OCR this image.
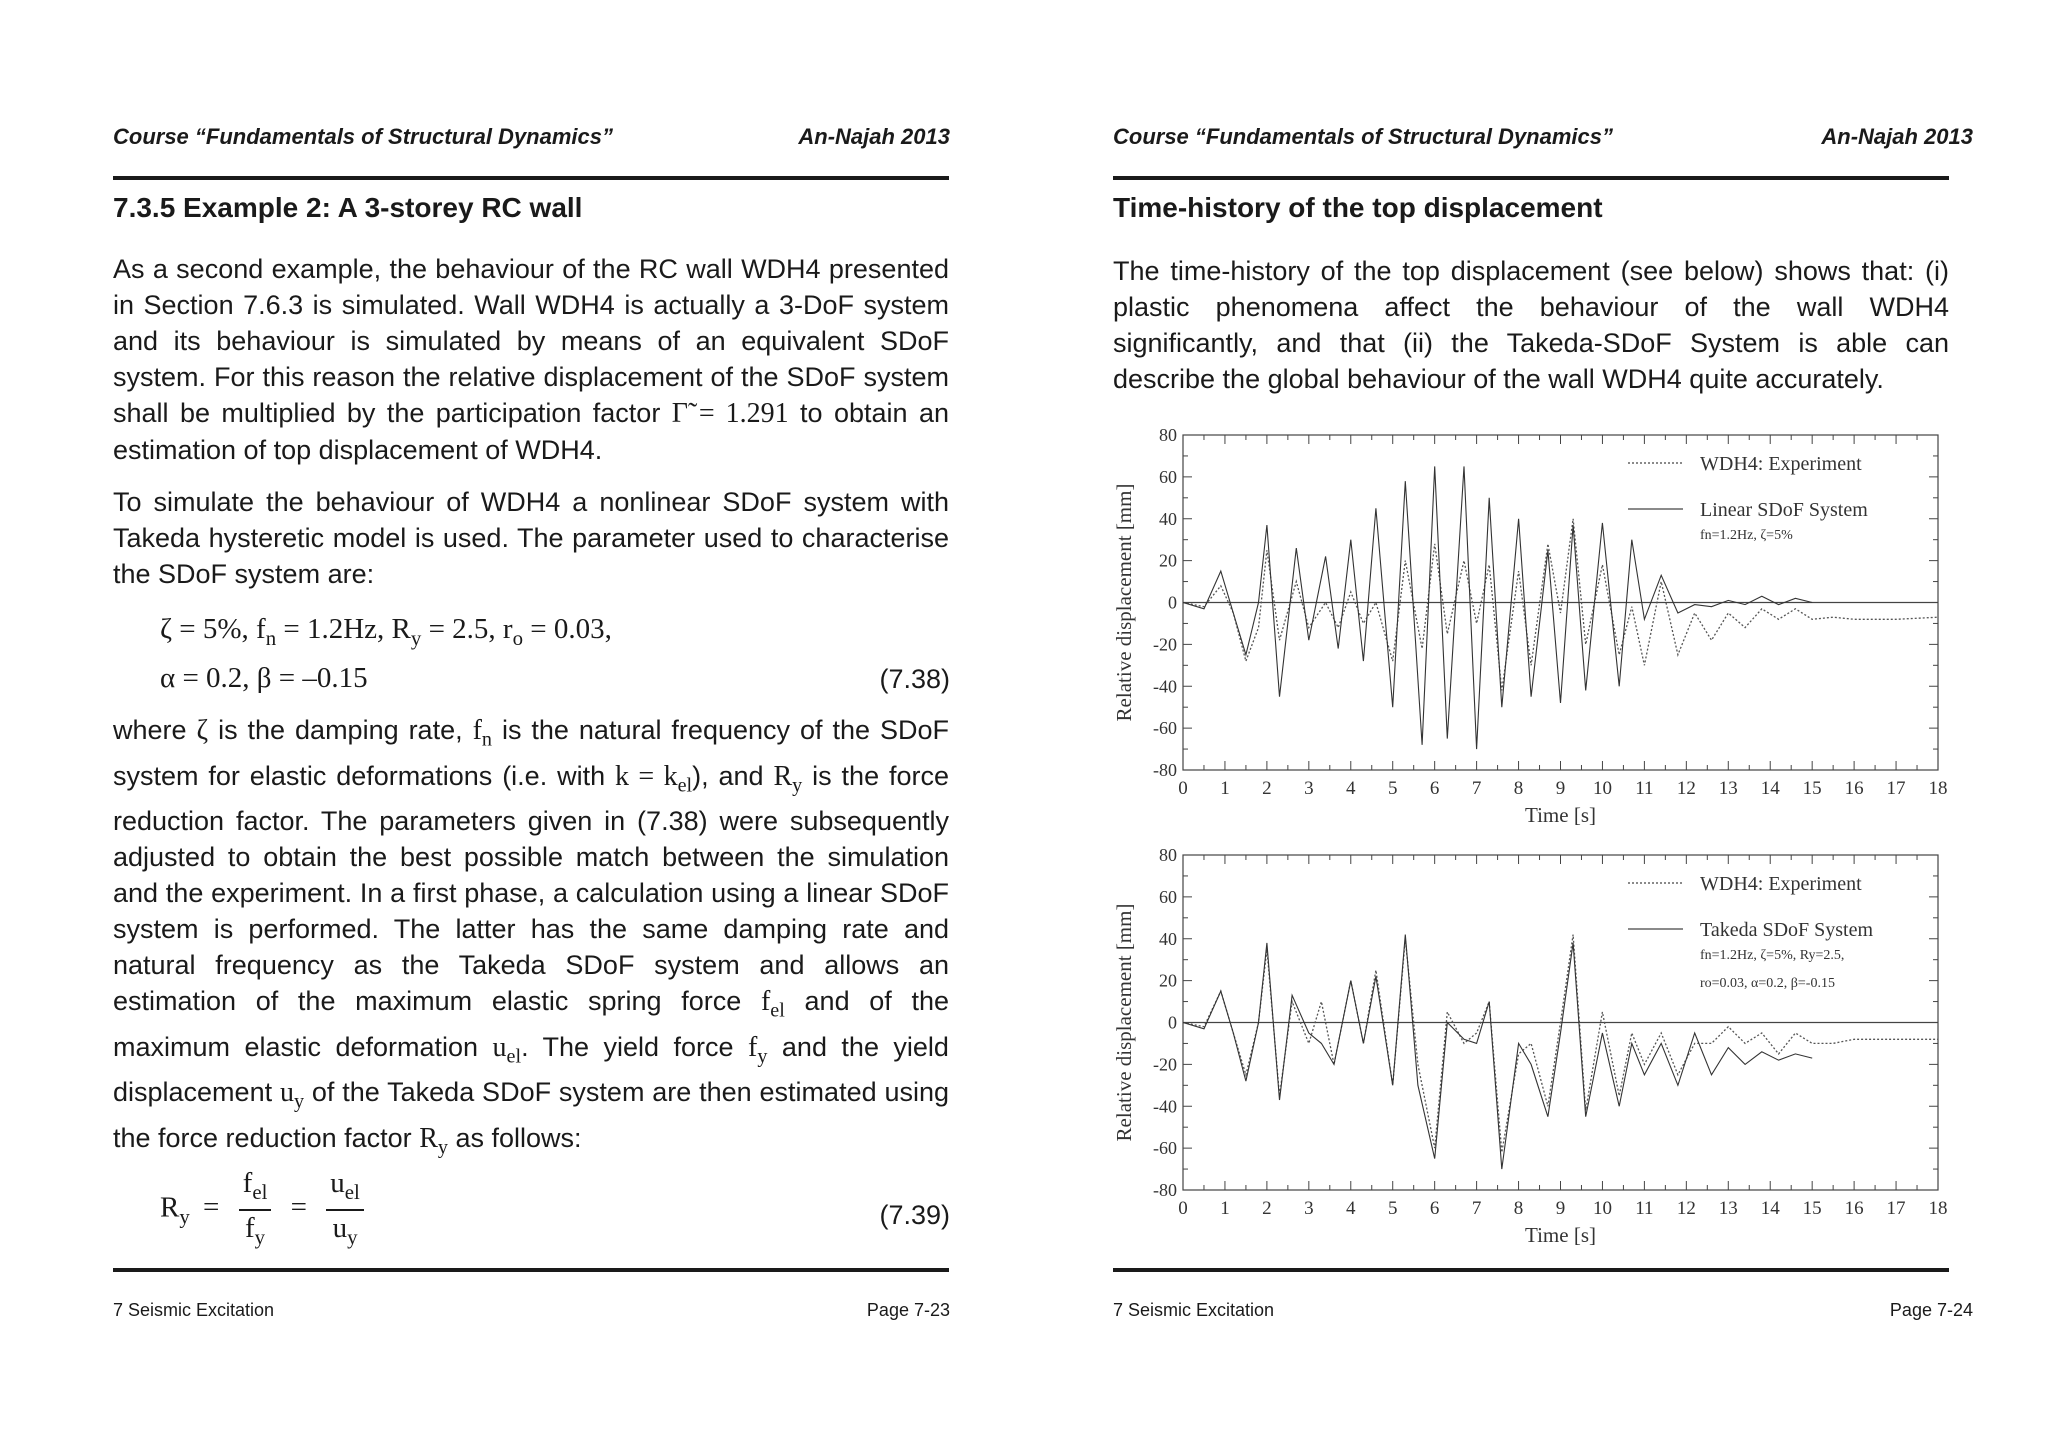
Course “Fundamentals of Structural Dynamics”	An-Najah 2013
7.3.5 Example 2: A 3-storey RC wall

As a second example, the behaviour of the RC wall WDH4 presented in Section 7.6.3 is simulated. Wall WDH4 is actually a 3-DoF system and its behaviour is simulated by means of an equivalent SDoF system. For this reason the relative displacement of the SDoF system shall be multiplied by the participation factor Γ̃ = 1.291 to obtain an estimation of top displacement of WDH4.

To simulate the behaviour of WDH4 a nonlinear SDoF system with Takeda hysteretic model is used. The parameter used to characterise the SDoF system are:

ζ = 5%, $f_n = 1.2Hz$, $R_y = 2.5$, $r_o = 0.03$,
α = 0.2, β = –0.15	(7.38)

where ζ is the damping rate, $f_n$ is the natural frequency of the SDoF system for elastic deformations (i.e. with $k = k_{el}$), and $R_y$ is the force reduction factor. The parameters given in (7.38) were subsequently adjusted to obtain the best possible match between the simulation and the experiment. In a first phase, a calculation using a linear SDoF system is performed. The latter has the same damping rate and natural frequency as the Takeda SDoF system and allows an estimation of the maximum elastic spring force $f_{el}$ and of the maximum elastic deformation $u_{el}$. The yield force $f_y$ and the yield displacement $u_y$ of the Takeda SDoF system are then estimated using the force reduction factor $R_y$ as follows:

$R_y = \frac{f_{el}}{f_y} = \frac{u_{el}}{u_y}$	(7.39)
7 Seismic Excitation	Page 7-23
Course “Fundamentals of Structural Dynamics”	An-Najah 2013
Time-history of the top displacement

The time-history of the top displacement (see below) shows that: (i) plastic phenomena affect the behaviour of the wall WDH4 significantly, and that (ii) the Takeda-SDoF System is able can describe the global behaviour of the wall WDH4 quite accurately.

7 Seismic Excitation	Page 7-24
0 1 2 3 4 5 6 7 8 9 10 11 12 13 14 15 16 17 18
-80
-60
-40
-20
0
20
40
60
80
Time [s]
Relative displacement [mm]
WDH4: Experiment
Linear SDoF System
fn=1.2Hz, ζ=5%
0 1 2 3 4 5 6 7 8 9 10 11 12 13 14 15 16 17 18
-80
-60
-40
-20
0
20
40
60
80
Time [s]
Relative displacement [mm]
WDH4: Experiment
Takeda SDoF System
fn=1.2Hz, ζ=5%, Ry=2.5,
ro=0.03, α=0.2, β=-0.15
